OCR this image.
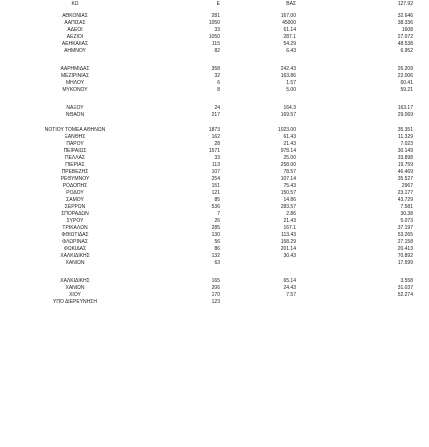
ΚΩ	Ε	ΒΑΣ	127.92
ΑΘΚΟΝΙΑΣ	281	167.00	32.646
ΑΑΠΙΣΑΣ	1050	45000	38.336
ΑΔΕΟΙ	33	61.14	1608
ΑΕΖΙΟΙ	1050	287.1	27.072
ΑΕΗΚΑΙΙΑΣ	115	54.29	48.538
ΑΗΜΝΟΥ	82	6.43	6.952
ΑΑΡΗΜΙΔΑΣ	358	242.43	26.209
ΜΕΖΙΡΙΝΙΑΣ	32	163.86	22.006
ΜΗΛΟΥ	6	1.57	60.41
ΜΥΚΟΝΟΥ	8	5.00	59.21
ΝΑΞΟΥ	24	164.3	163.17
ΝΘΑΟΝ	217	169.57	29.069
ΝΟΤΙΟΥ ΤΟΜΕΑ ΑΘΗΝΩΝ	1873	1023.00	35.351
ΞΑΝΘΗΣ	162	61.43	11.329
ΠΑΡΟΥ	28	21.43	7.023
ΠΕΙΡΑΙΩΣ	1571	978.14	30.149
ΠΕΛΛΑΣ	33	25.00	33.898
ΠΙΕΡΙΑΣ	113	258.00	19.759
ΠΡΕΒΕΖΗΣ	107	78.57	46.469
ΡΕΘΥΜΝΟΥ	254	107.14	35.527
ΡΟΔΟΠΗΣ	151	75.43	2967
ΡΟΔΟΥ	121	150.57	23.177
ΣΑΜΟΥ	85	14.86	43.729
ΣΕΡΡΩΝ	536	283.57	7.581
ΣΠΟΡΑΔΩΝ	7	2.86	30.38
ΣΥΡΟΥ	26	21.43	5.073
ΤΡΙΚΑΛΩΝ	285	167.1	37.197
ΦΘΙΩΤΙΔΑΣ	130	113.43	53.265
ΦΛΩΡΙΝΑΣ	56	158.29	27.158
ΦΩΚΙΔΑΣ	86	201.14	20.413
ΧΑΛΚΙΔΙΚΗΣ	132	30.43	70.892
ΧΑΝΙΩΝ	63	17.599
ΧΑΛΚΙΔΙΚΗΣ	165	65.14	3.558
ΧΑΝΙΩΝ	206	24.43	31.037
ΧΙΟΥ	170	7.57	52.274
ΥΠΟ ΔΙΕΡΕΥΝΗΣΗ	123
